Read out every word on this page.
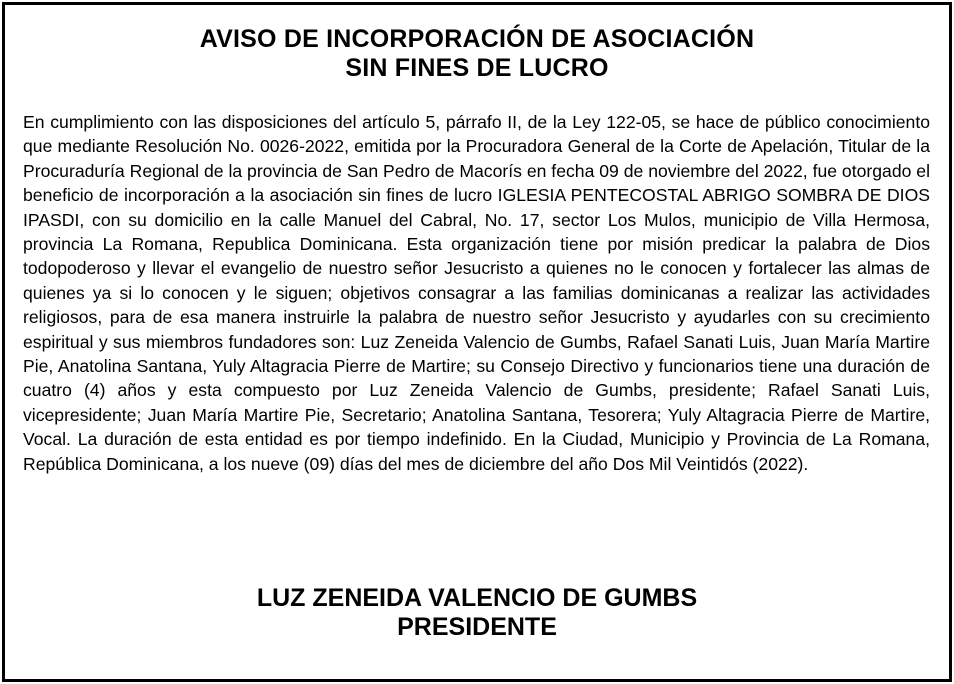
AVISO DE INCORPORACIÓN DE ASOCIACIÓN
SIN FINES DE LUCRO
En cumplimiento con las disposiciones del artículo 5, párrafo II, de la Ley 122-05, se hace de público conocimiento que mediante Resolución No. 0026-2022, emitida por la Procuradora General de la Corte de Apelación, Titular de la Procuraduría Regional de la provincia de San Pedro de Macorís en fecha 09 de noviembre del 2022, fue otorgado el beneficio de incorporación a la asociación sin fines de lucro IGLESIA PENTECOSTAL ABRIGO SOMBRA DE DIOS IPASDI, con su domicilio en la calle Manuel del Cabral, No. 17, sector Los Mulos, municipio de Villa Hermosa, provincia La Romana, Republica Dominicana. Esta organización tiene por misión predicar la palabra de Dios todopoderoso y llevar el evangelio de nuestro señor Jesucristo a quienes no le conocen y fortalecer las almas de quienes ya si lo conocen y le siguen; objetivos consagrar a las familias dominicanas a realizar las actividades religiosos, para de esa manera instruirle la palabra de nuestro señor Jesucristo y ayudarles con su crecimiento espiritual y sus miembros fundadores son: Luz Zeneida Valencio de Gumbs, Rafael Sanati Luis, Juan María Martire Pie, Anatolina Santana, Yuly Altagracia Pierre de Martire; su Consejo Directivo y funcionarios tiene una duración de cuatro (4) años y esta compuesto por Luz Zeneida Valencio de Gumbs, presidente; Rafael Sanati Luis, vicepresidente; Juan María Martire Pie, Secretario; Anatolina Santana, Tesorera; Yuly Altagracia Pierre de Martire, Vocal. La duración de esta entidad es por tiempo indefinido. En la Ciudad, Municipio y Provincia de La Romana, República Dominicana, a los nueve (09) días del mes de diciembre del año Dos Mil Veintidós (2022).
LUZ ZENEIDA VALENCIO DE GUMBS
PRESIDENTE
